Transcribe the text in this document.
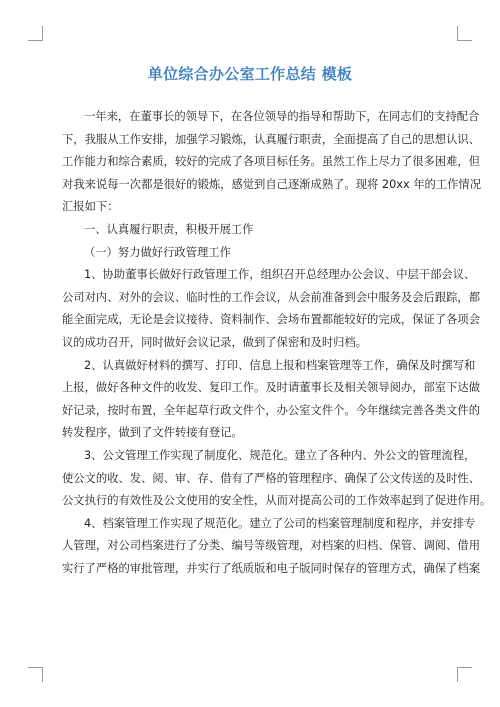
单位综合办公室工作总结 模板
一年来，在董事长的领导下，在各位领导的指导和帮助下，在同志们的支持配合
下，我服从工作安排，加强学习锻炼，认真履行职责，全面提高了自己的思想认识、
工作能力和综合素质，较好的完成了各项目标任务。虽然工作上尽力了很多困难，但
对我来说每一次都是很好的锻炼，感觉到自己逐渐成熟了。现将 20xx 年的工作情况
汇报如下：
一、认真履行职责，积极开展工作
（一）努力做好行政管理工作
1、协助董事长做好行政管理工作，组织召开总经理办公会议、中层干部会议、
公司对内、对外的会议、临时性的工作会议，从会前准备到会中服务及会后跟踪，都
能全面完成，无论是会议接待、资料制作、会场布置都能较好的完成，保证了各项会
议的成功召开，同时做好会议记录，做到了保密和及时归档。
2、认真做好材料的撰写、打印、信息上报和档案管理等工作，确保及时撰写和
上报，做好各种文件的收发、复印工作。及时请董事长及相关领导阅办，部室下达做
好记录，按时布置，全年起草行政文件个，办公室文件个。今年继续完善各类文件的
转发程序，做到了文件转接有登记。
3、公文管理工作实现了制度化、规范化。建立了各种内、外公文的管理流程，
使公文的收、发、阅、审、存、借有了严格的管理程序、确保了公文传送的及时性、
公文执行的有效性及公文使用的安全性，从而对提高公司的工作效率起到了促进作用。
4、档案管理工作实现了规范化。建立了公司的档案管理制度和程序，并安排专
人管理，对公司档案进行了分类、编号等级管理，对档案的归档、保管、调阅、借用
实行了严格的审批管理，并实行了纸质版和电子版同时保存的管理方式，确保了档案
